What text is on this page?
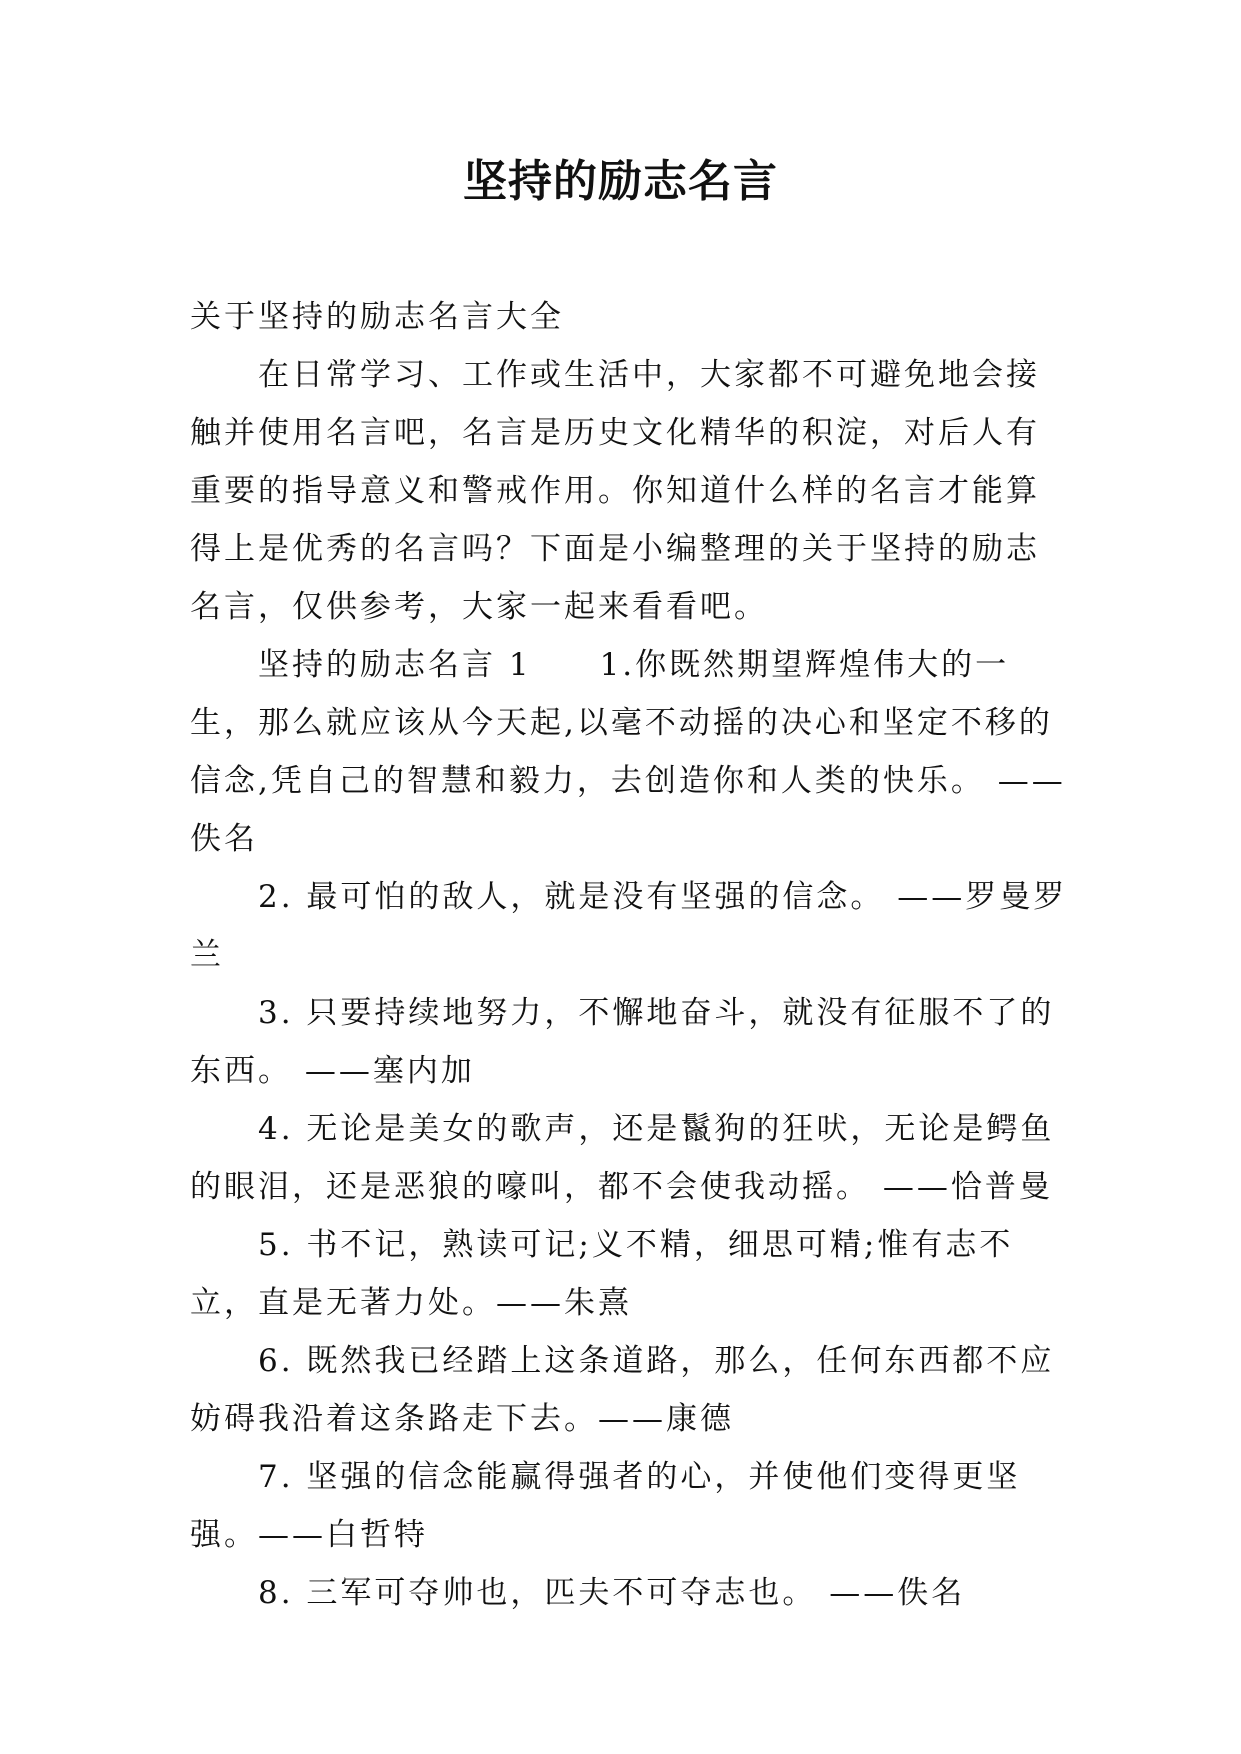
坚持的励志名言

关于坚持的励志名言大全

在日常学习、工作或生活中，大家都不可避免地会接触并使用名言吧，名言是历史文化精华的积淀，对后人有重要的指导意义和警戒作用。你知道什么样的名言才能算得上是优秀的名言吗？下面是小编整理的关于坚持的励志名言，仅供参考，大家一起来看看吧。

坚持的励志名言 1　　1.你既然期望辉煌伟大的一生，那么就应该从今天起,以毫不动摇的决心和坚定不移的信念,凭自己的智慧和毅力，去创造你和人类的快乐。 ——佚名

2. 最可怕的敌人，就是没有坚强的信念。 ——罗曼罗兰

3. 只要持续地努力，不懈地奋斗，就没有征服不了的东西。 ——塞内加

4. 无论是美女的歌声，还是鬣狗的狂吠，无论是鳄鱼的眼泪，还是恶狼的嚎叫，都不会使我动摇。 ——恰普曼

5. 书不记，熟读可记;义不精，细思可精;惟有志不立，直是无著力处。——朱熹

6. 既然我已经踏上这条道路，那么，任何东西都不应妨碍我沿着这条路走下去。——康德

7. 坚强的信念能赢得强者的心，并使他们变得更坚强。——白哲特

8. 三军可夺帅也，匹夫不可夺志也。 ——佚名
